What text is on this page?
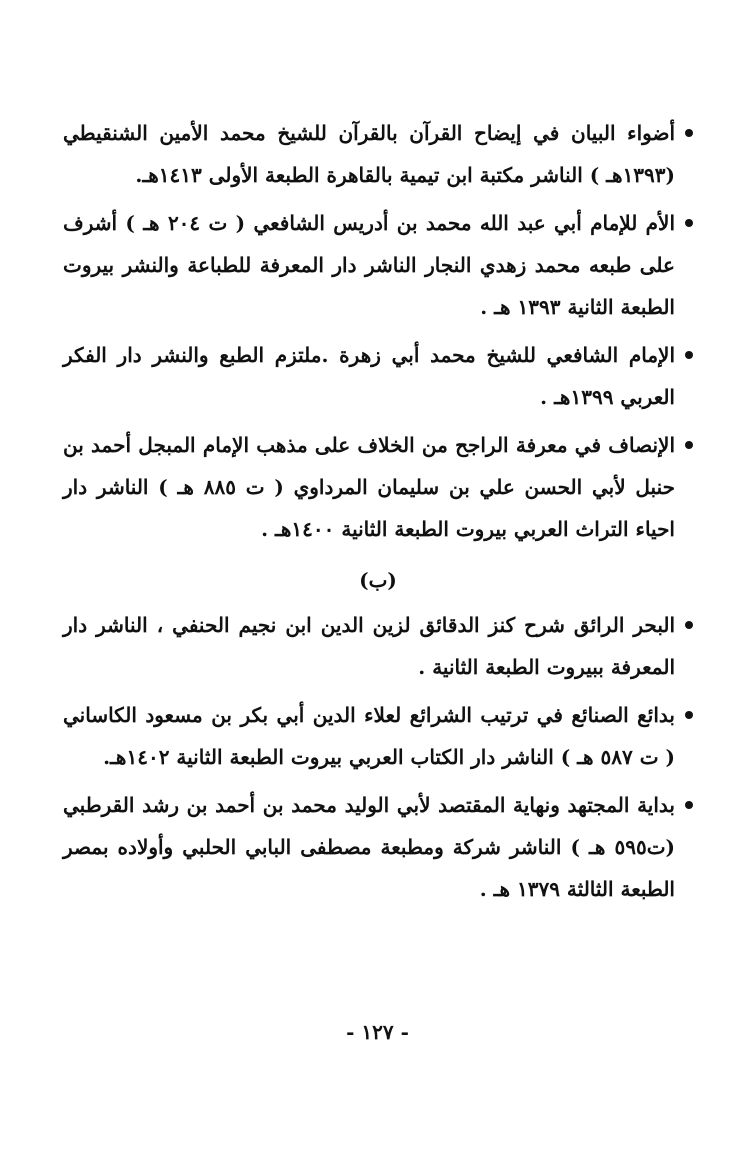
أضواء البيان في إيضاح القرآن بالقرآن للشيخ محمد الأمين الشنقيطي (١٣٩٣هـ ) الناشر مكتبة ابن تيمية بالقاهرة الطبعة الأولى ١٤١٣هـ.
الأم للإمام أبي عبد الله محمد بن أدريس الشافعي ( ت ٢٠٤ هـ ) أشرف على طبعه محمد زهدي النجار الناشر دار المعرفة للطباعة والنشر بيروت الطبعة الثانية ١٣٩٣ هـ .
الإمام الشافعي للشيخ محمد أبي زهرة .ملتزم الطبع والنشر دار الفكر العربي ١٣٩٩هـ .
الإنصاف في معرفة الراجح من الخلاف على مذهب الإمام المبجل أحمد بن حنبل لأبي الحسن علي بن سليمان المرداوي ( ت ٨٨٥ هـ ) الناشر دار احياء التراث العربي بيروت الطبعة الثانية ١٤٠٠هـ .
(ب)
البحر الرائق شرح كنز الدقائق لزين الدين ابن نجيم الحنفي ، الناشر دار المعرفة ببيروت الطبعة الثانية .
بدائع الصنائع في ترتيب الشرائع لعلاء الدين أبي بكر بن مسعود الكاساني ( ت ٥٨٧ هـ ) الناشر دار الكتاب العربي بيروت الطبعة الثانية ١٤٠٢هـ.
بداية المجتهد ونهاية المقتصد لأبي الوليد محمد بن أحمد بن رشد القرطبي (ت٥٩٥ هـ ) الناشر شركة ومطبعة مصطفى البابي الحلبي وأولاده بمصر الطبعة الثالثة ١٣٧٩ هـ .
- ١٢٧ -
